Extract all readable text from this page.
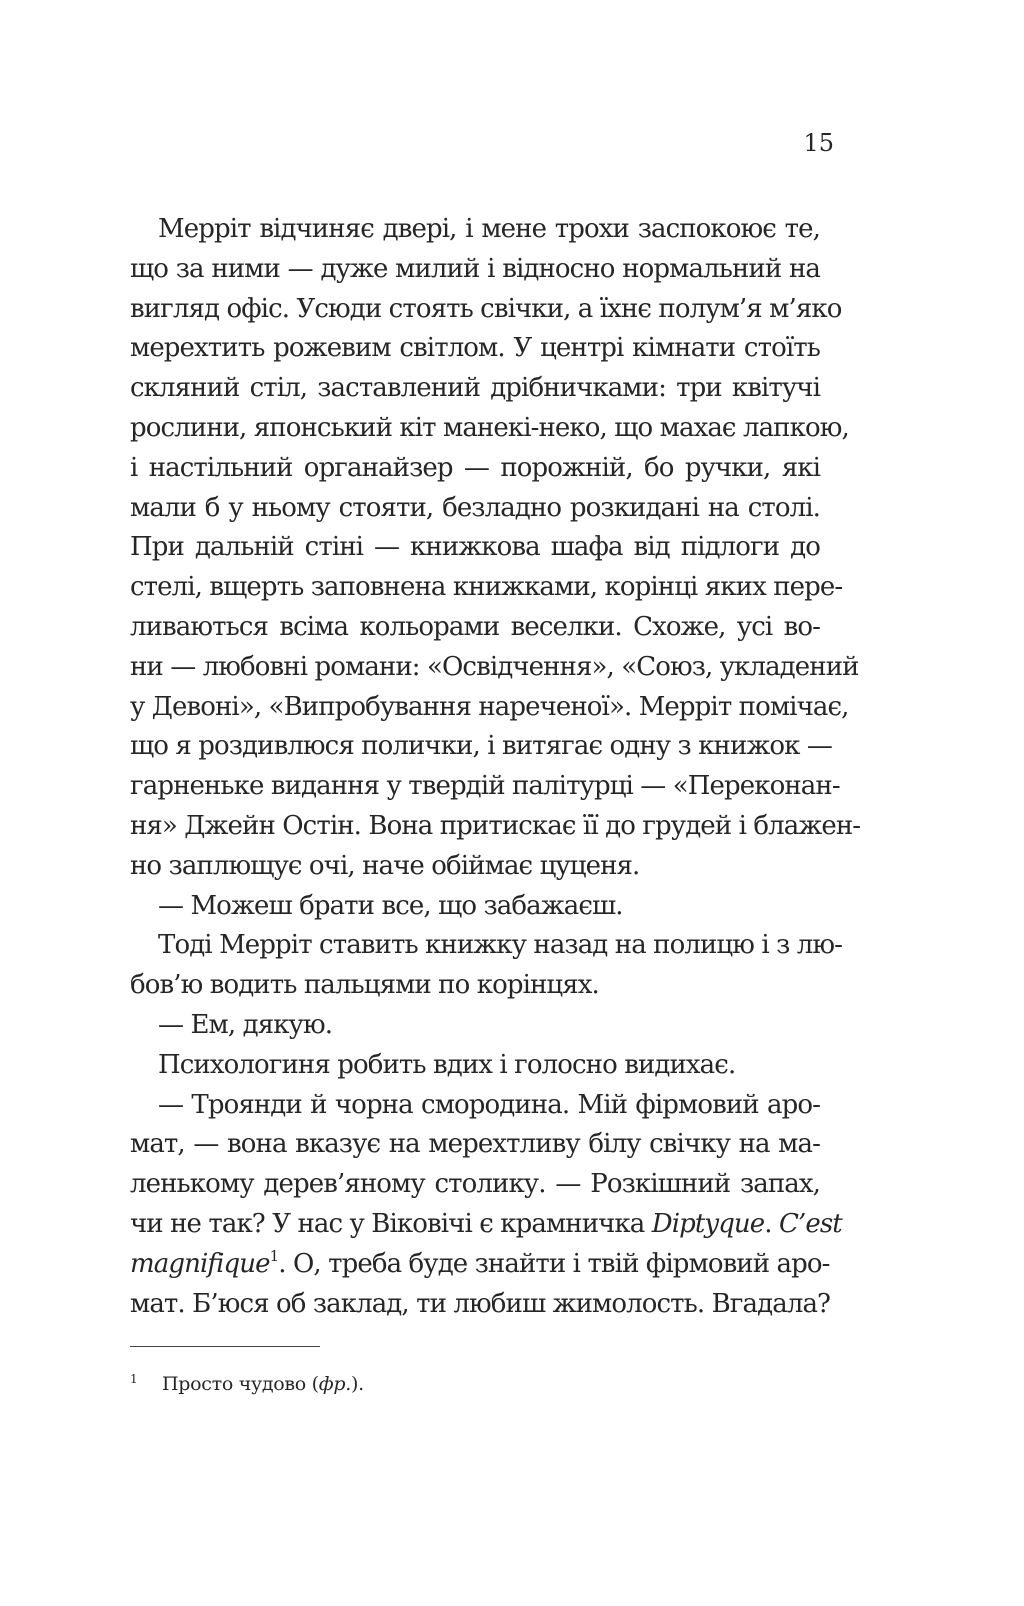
15
Мерріт відчиняє двері, і мене трохи заспокоює те,
що за ними — дуже милий і відносно нормальний на
вигляд офіс. Усюди стоять свічки, а їхнє полум’я м’яко
мерехтить рожевим світлом. У центрі кімнати стоїть
скляний стіл, заставлений дрібничками: три квітучі
рослини, японський кіт манекі-неко, що махає лапкою,
і настільний органайзер — порожній, бо ручки, які
мали б у ньому стояти, безладно розкидані на столі.
При дальній стіні — книжкова шафа від підлоги до
стелі, вщерть заповнена книжками, корінці яких пере-
ливаються всіма кольорами веселки. Схоже, усі во-
ни — любовні романи: «Освідчення», «Союз, укладений
у Девоні», «Випробування нареченої». Мерріт помічає,
що я роздивлюся полички, і витягає одну з книжок —
гарненьке видання у твердій палітурці — «Переконан-
ня» Джейн Остін. Вона притискає її до грудей і блажен-
но заплющує очі, наче обіймає цуценя.
— Можеш брати все, що забажаєш.
Тоді Мерріт ставить книжку назад на полицю і з лю-
бов’ю водить пальцями по корінцях.
— Ем, дякую.
Психологиня робить вдих і голосно видихає.
— Троянди й чорна смородина. Мій фірмовий аро-
мат, — вона вказує на мерехтливу білу свічку на ма-
ленькому дерев’яному столику. — Розкішний запах,
чи не так? У нас у Віковічі є крамничка Diptyque. C’est
magnifique$^1$. О, треба буде знайти і твій фірмовий аро-
мат. Б’юся об заклад, ти любиш жимолость. Вгадала?
1 Просто чудово (фр.).
